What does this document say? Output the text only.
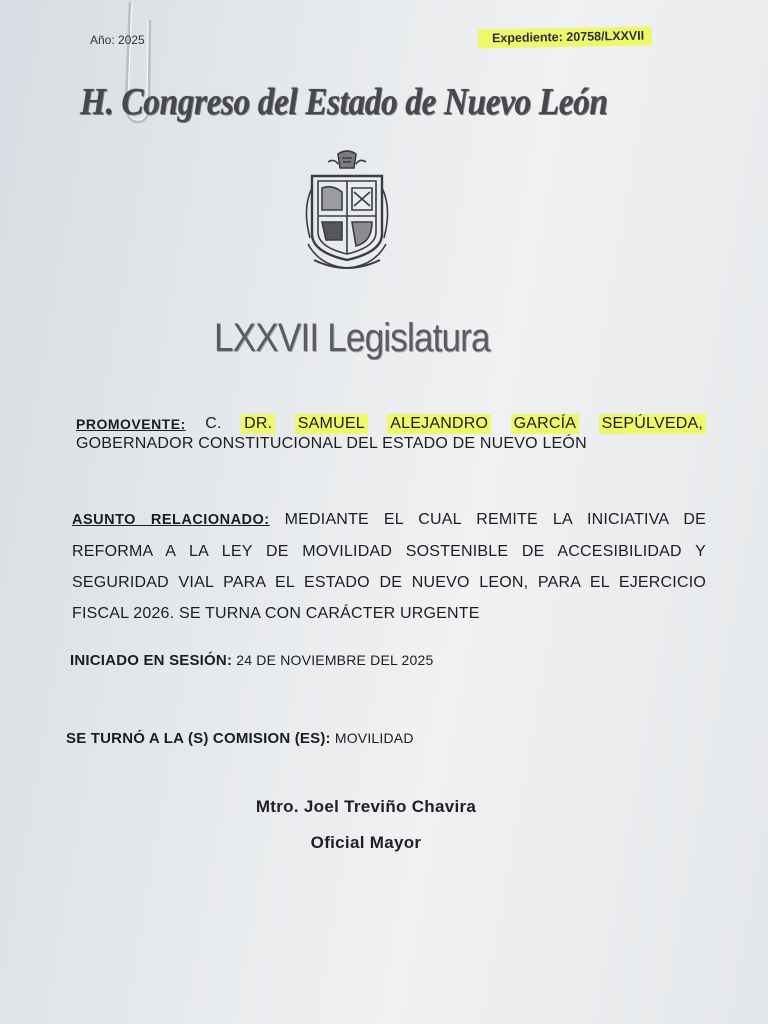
Año: 2025	Expediente: 20758/LXXVII
H. Congreso del Estado de Nuevo León
LXXVII Legislatura
PROMOVENTE: C. DR. SAMUEL ALEJANDRO GARCÍA SEPÚLVEDA,
GOBERNADOR CONSTITUCIONAL DEL ESTADO DE NUEVO LEÓN
ASUNTO RELACIONADO: MEDIANTE EL CUAL REMITE LA INICIATIVA DE REFORMA A LA LEY DE MOVILIDAD SOSTENIBLE DE ACCESIBILIDAD Y SEGURIDAD VIAL PARA EL ESTADO DE NUEVO LEON, PARA EL EJERCICIO FISCAL 2026. SE TURNA CON CARÁCTER URGENTE
INICIADO EN SESIÓN: 24 DE NOVIEMBRE DEL 2025
SE TURNÓ A LA (S) COMISION (ES): MOVILIDAD
Mtro. Joel Treviño Chavira
Oficial Mayor
